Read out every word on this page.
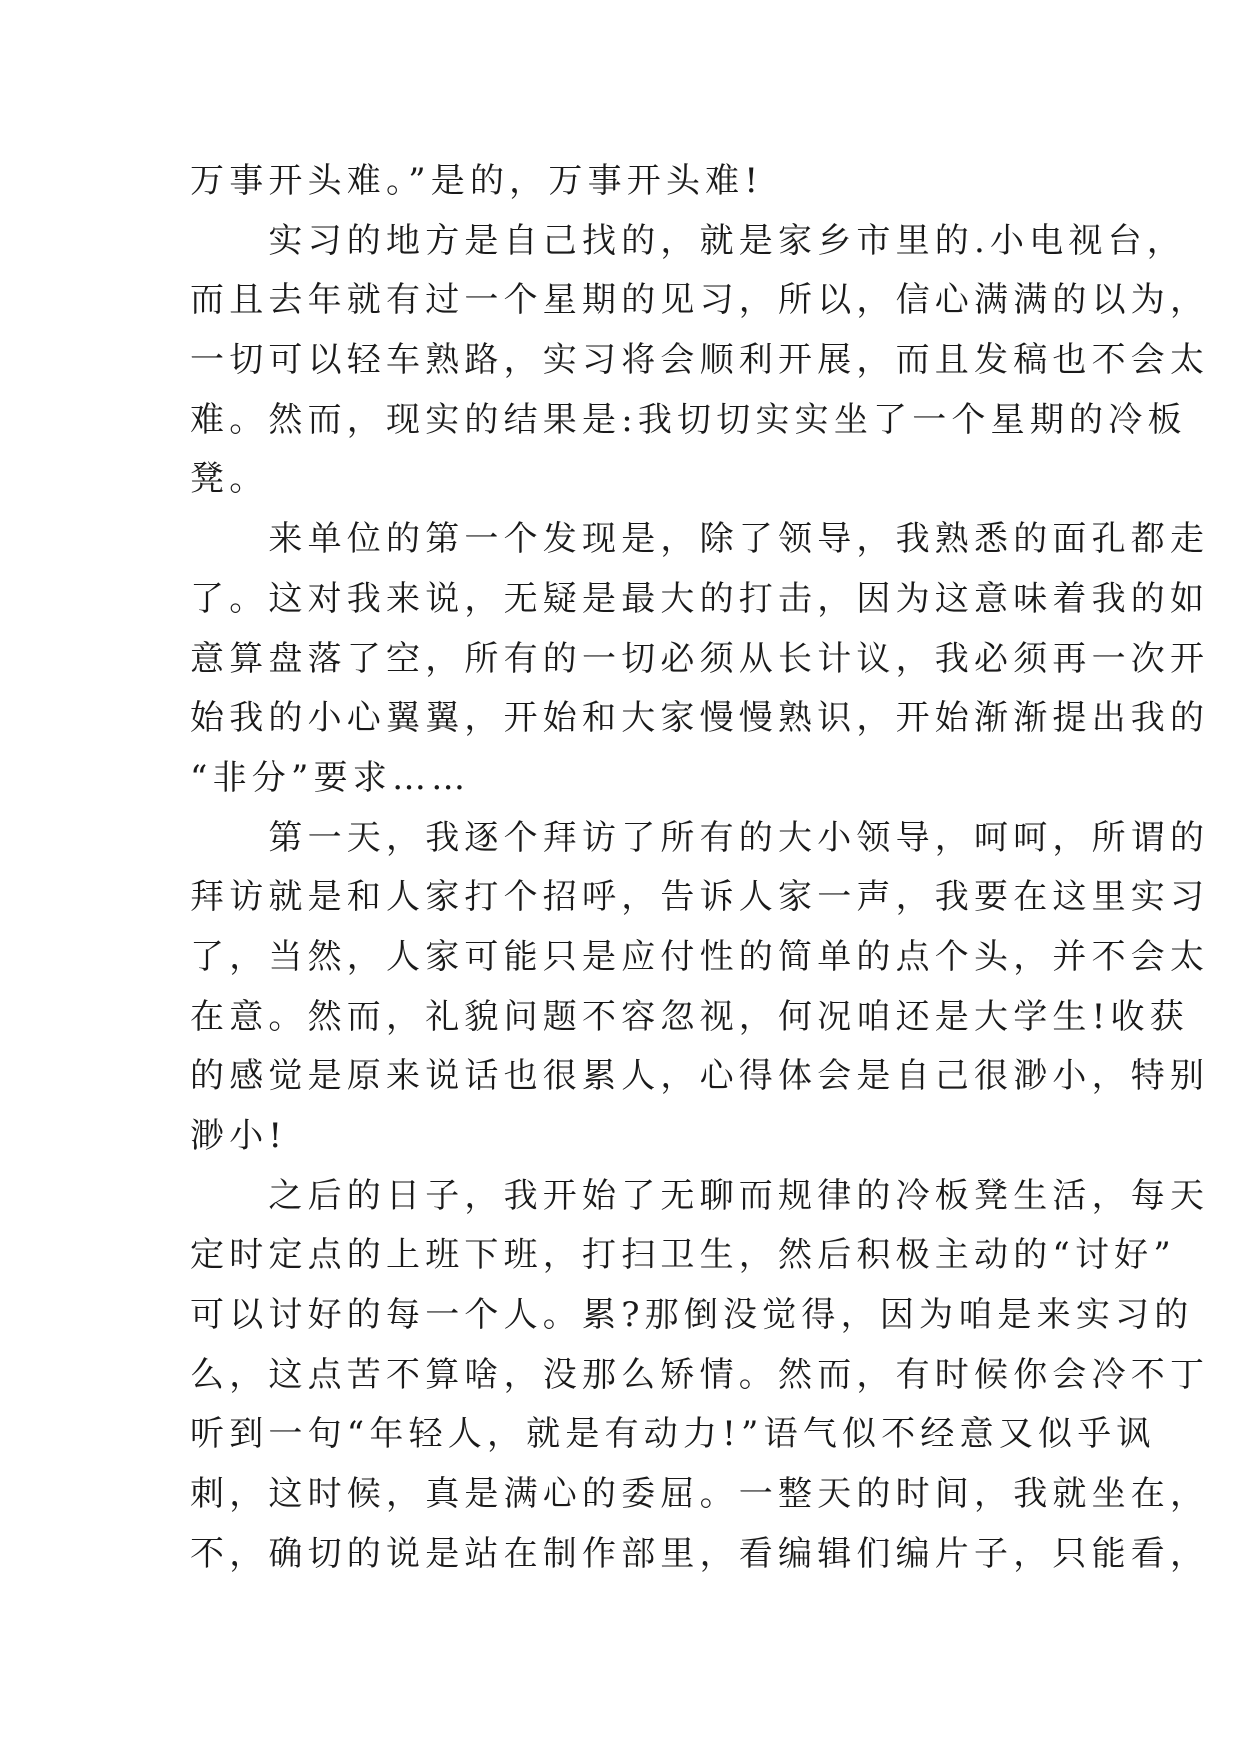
万事开头难。”是的，万事开头难!
　　实习的地方是自己找的，就是家乡市里的.小电视台，
而且去年就有过一个星期的见习，所以，信心满满的以为，
一切可以轻车熟路，实习将会顺利开展，而且发稿也不会太
难。然而，现实的结果是:我切切实实坐了一个星期的冷板
凳。
　　来单位的第一个发现是，除了领导，我熟悉的面孔都走
了。这对我来说，无疑是最大的打击，因为这意味着我的如
意算盘落了空，所有的一切必须从长计议，我必须再一次开
始我的小心翼翼，开始和大家慢慢熟识，开始渐渐提出我的
“非分”要求……
　　第一天，我逐个拜访了所有的大小领导，呵呵，所谓的
拜访就是和人家打个招呼，告诉人家一声，我要在这里实习
了，当然，人家可能只是应付性的简单的点个头，并不会太
在意。然而，礼貌问题不容忽视，何况咱还是大学生!收获
的感觉是原来说话也很累人，心得体会是自己很渺小，特别
渺小!
　　之后的日子，我开始了无聊而规律的冷板凳生活，每天
定时定点的上班下班，打扫卫生，然后积极主动的“讨好”
可以讨好的每一个人。累?那倒没觉得，因为咱是来实习的
么，这点苦不算啥，没那么矫情。然而，有时候你会冷不丁
听到一句“年轻人，就是有动力!”语气似不经意又似乎讽
刺，这时候，真是满心的委屈。一整天的时间，我就坐在，
不，确切的说是站在制作部里，看编辑们编片子，只能看，
